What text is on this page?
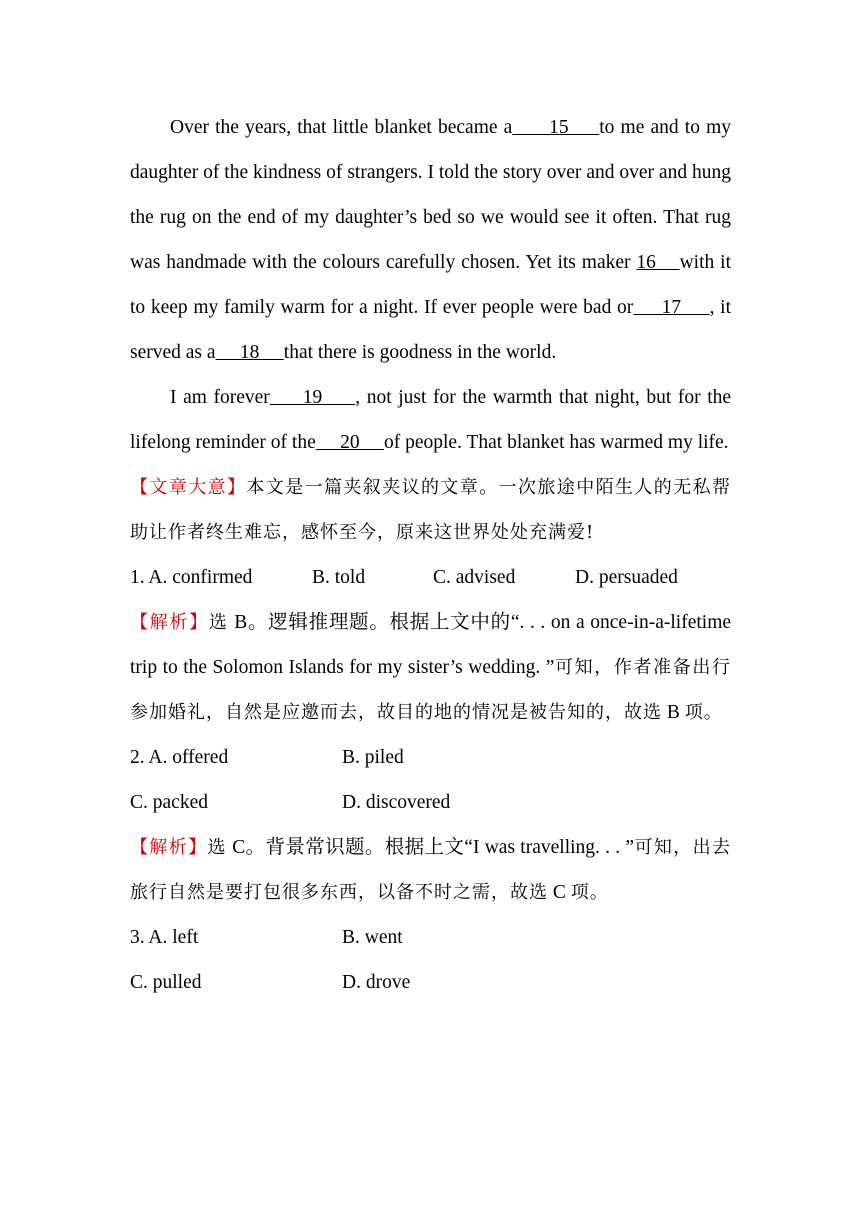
Over the years, that little blanket became a      15     to me and to my daughter of the kindness of strangers. I told the story over and over and hung the rug on the end of my daughter’s bed so we would see it often. That rug was handmade with the colours carefully chosen. Yet its maker 16    with it to keep my family warm for a night. If ever people were bad or     17     , it served as a     18     that there is goodness in the world.

I am forever     19     , not just for the warmth that night, but for the lifelong reminder of the     20     of people. That blanket has warmed my life.

【文章大意】本文是一篇夹叙夹议的文章。一次旅途中陌生人的无私帮助让作者终生难忘，感怀至今，原来这世界处处充满爱!

1. A. confirmed	B. told	C. advised	D. persuaded

【解析】选 B。逻辑推理题。根据上文中的“. . . on a once-in-a-lifetime trip to the Solomon Islands for my sister’s wedding. ”可知，作者准备出行参加婚礼，自然是应邀而去，故目的地的情况是被告知的，故选 B 项。

2. A. offered	B. piled
C. packed	D. discovered

【解析】选 C。背景常识题。根据上文“I was travelling. . . ”可知，出去旅行自然是要打包很多东西，以备不时之需，故选 C 项。

3. A. left	B. went
C. pulled	D. drove
